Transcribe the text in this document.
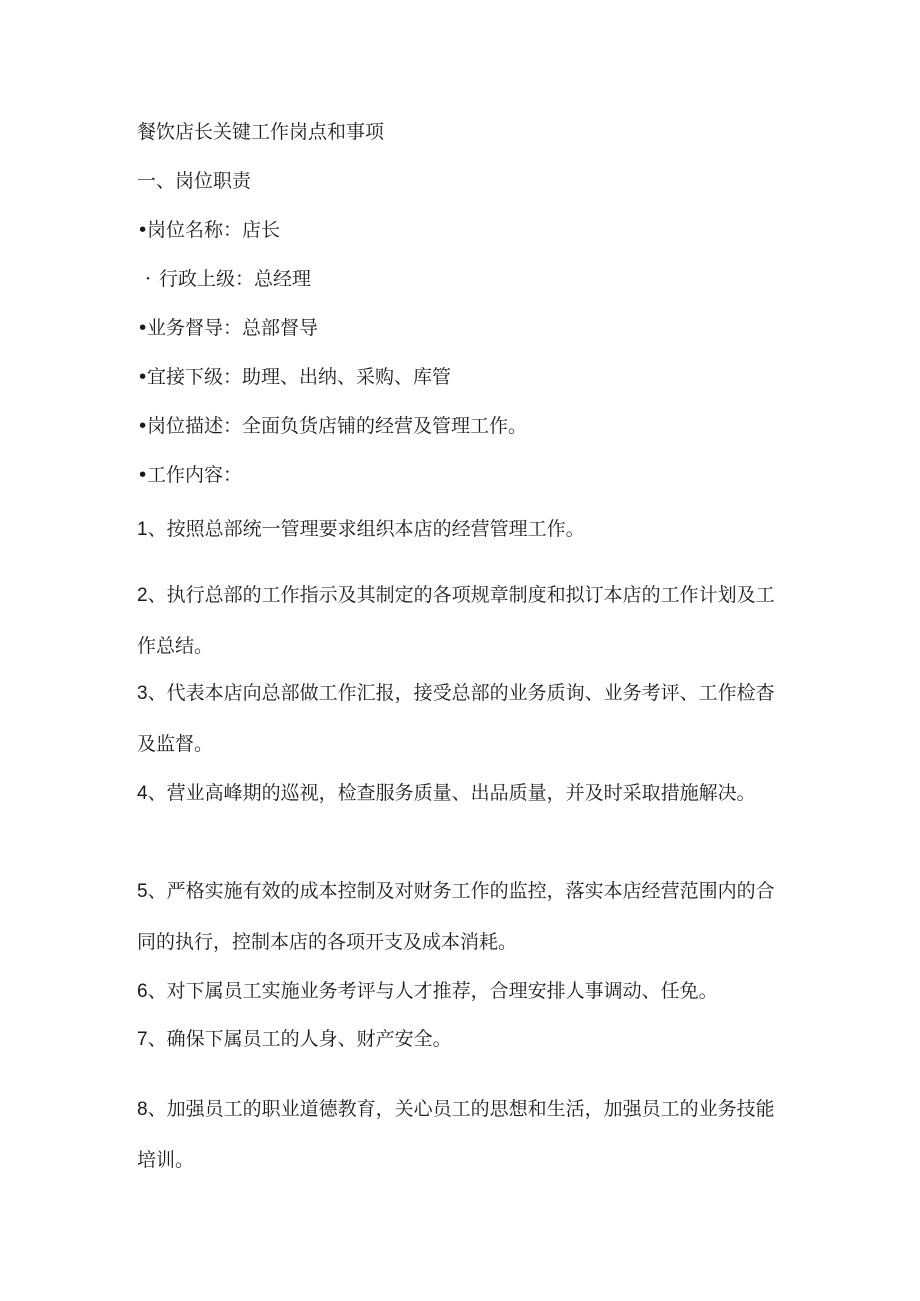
餐饮店长关键工作岗点和事项
一、岗位职责
•岗位名称：店长
· 行政上级：总经理
•业务督导：总部督导
•宜接下级：助理、出纳、采购、库管
•岗位描述：全面负货店铺的经营及管理工作。
•工作内容：

1、按照总部统一管理要求组织本店的经营管理工作。

2、执行总部的工作指示及其制定的各项规章制度和拟订本店的工作计划及工作总结。

3、代表本店向总部做工作汇报，接受总部的业务质询、业务考评、工作检杳及监督。

4、营业高峰期的巡视，检查服务质量、出品质量，并及时采取措施解决。

5、严格实施有效的成本控制及对财务工作的监控，落实本店经营范围内的合同的执行，控制本店的各项开支及成本消耗。

6、对下属员工实施业务考评与人才推荐，合理安排人事调动、任免。

7、确保下属员工的人身、财产安全。

8、加强员工的职业道德教育，关心员工的思想和生活，加强员工的业务技能培训。
